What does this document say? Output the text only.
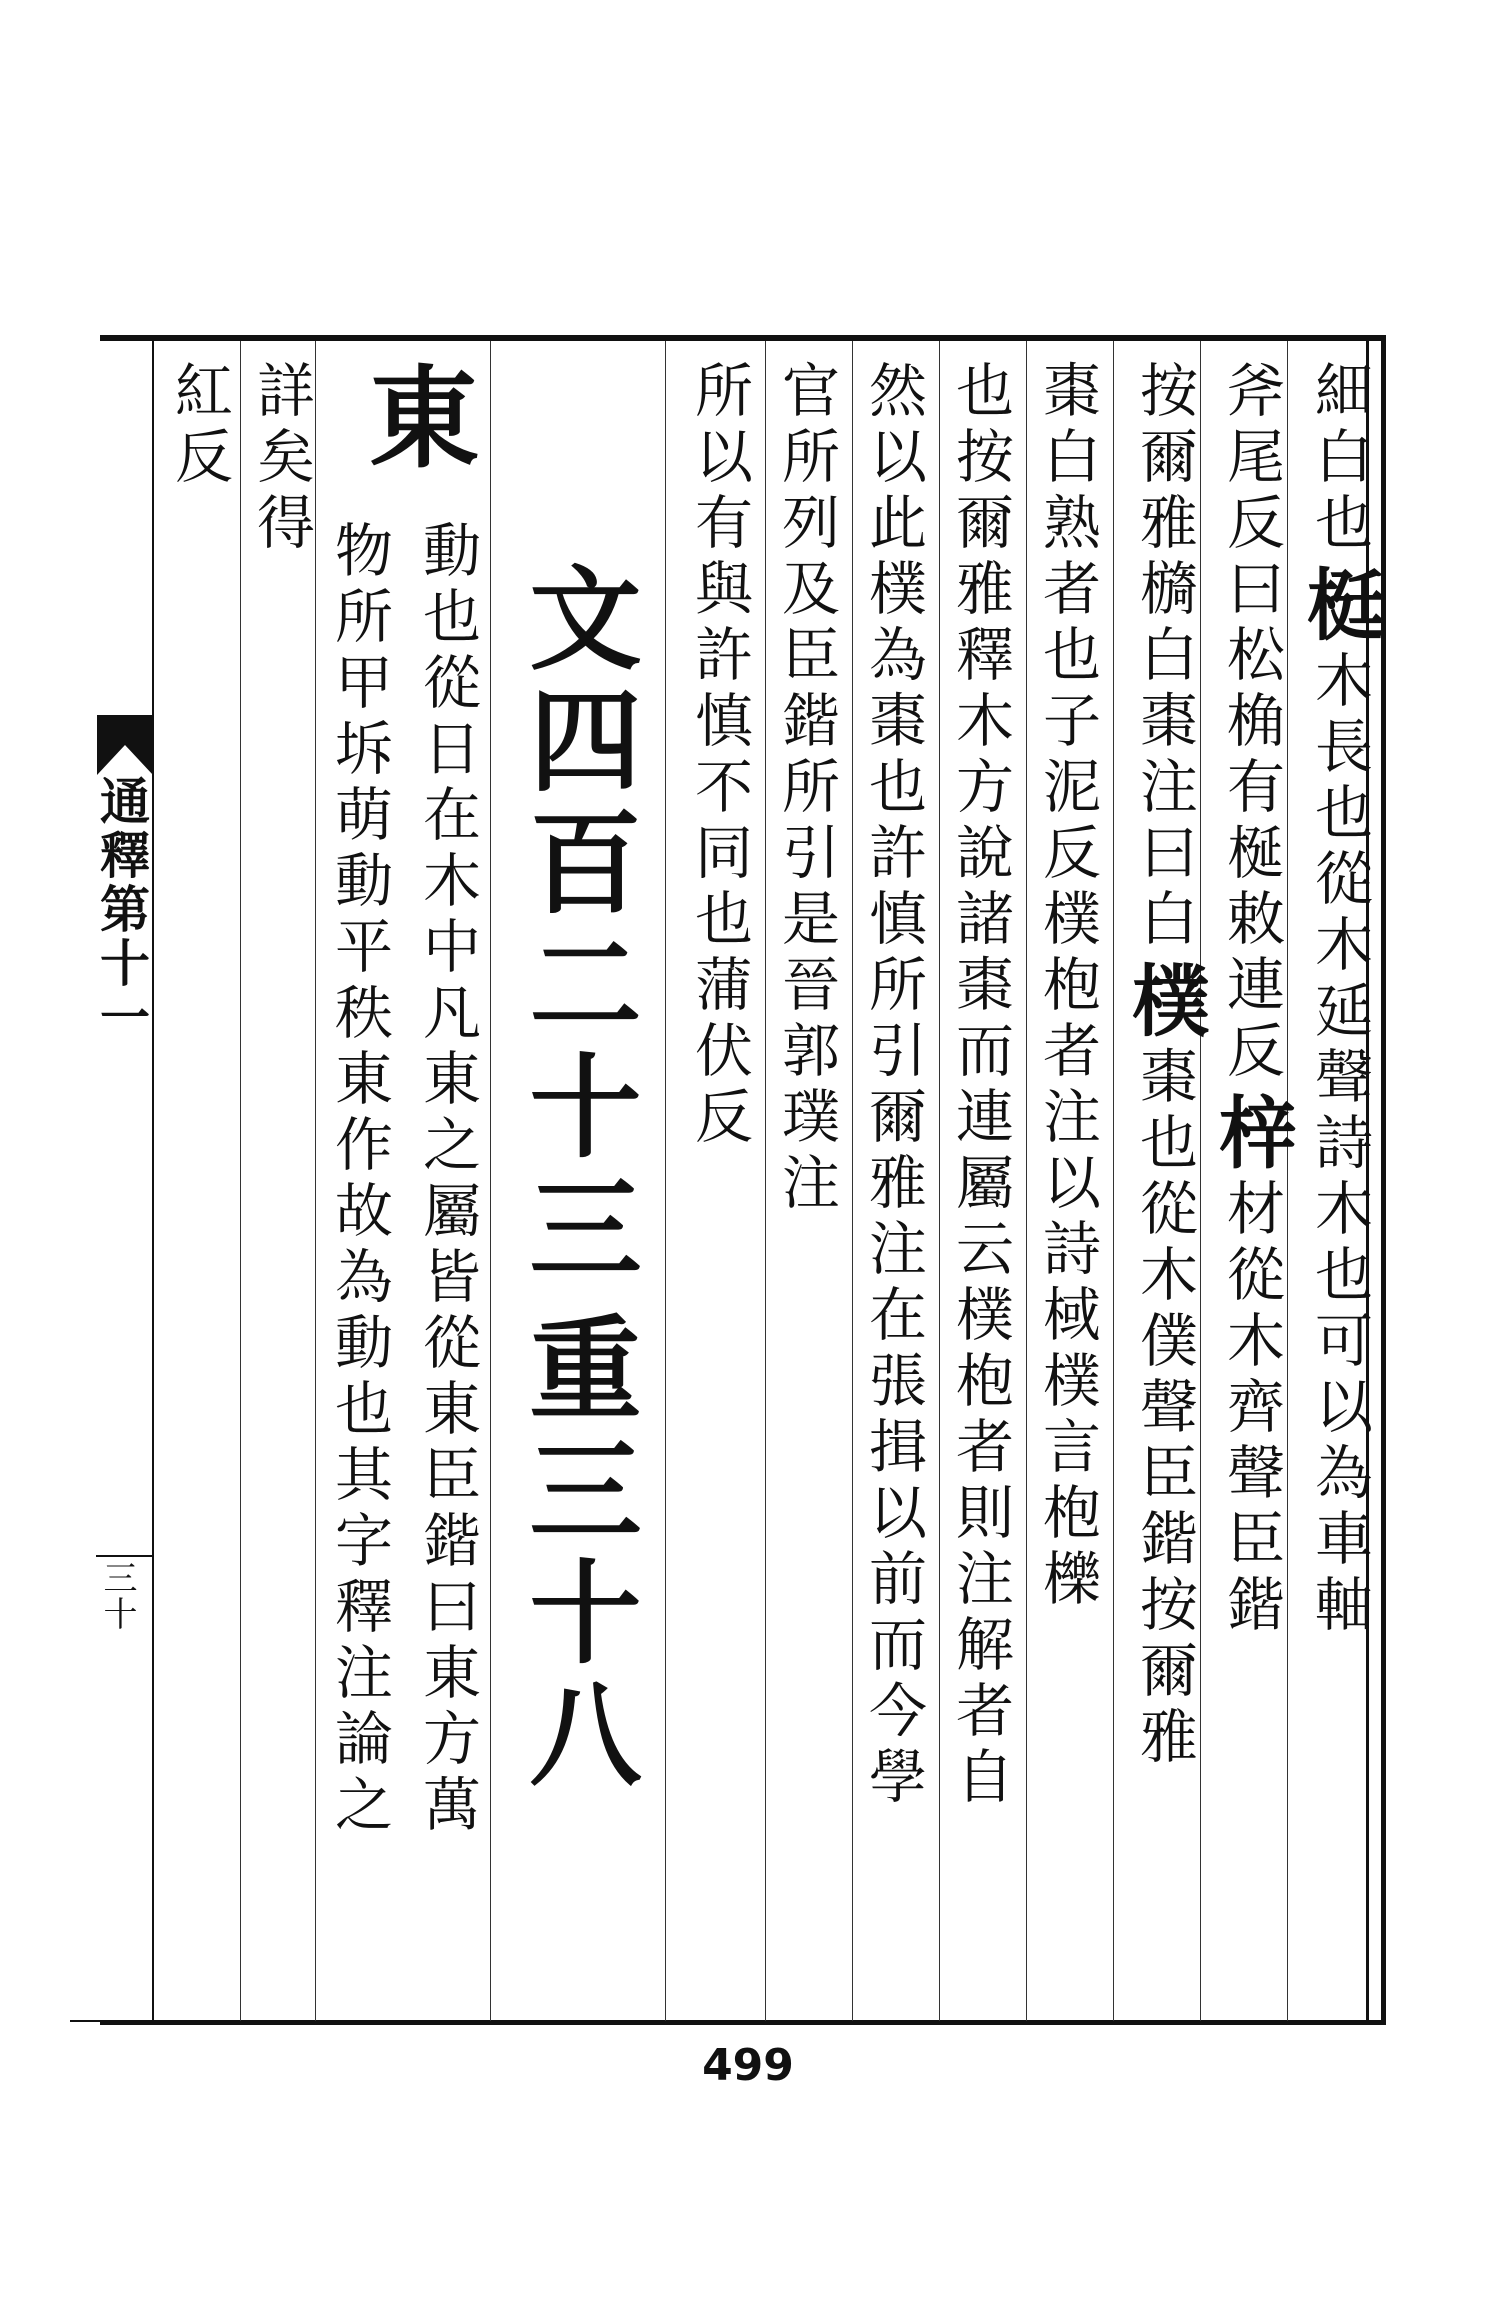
通釋第十一
三十
細白也梃木長也從木延聲詩木也可以為車軸
斧尾反曰松桷有梴敕連反梓材從木齊聲臣鍇
按爾雅檹白棗注曰白樸棗也從木僕聲臣鍇按爾雅
棗白熟者也子泥反樸枹者注以詩棫樸言枹櫟
也按爾雅釋木方說諸棗而連屬云樸枹者則注解者自
然以此樸為棗也許慎所引爾雅注在張揖以前而今學
官所列及臣鍇所引是晉郭璞注
所以有與許慎不同也蒲伏反
文四百二十三
重三十八
東
動也從日在木中凡東之屬皆從東臣鍇曰東方萬
物所甲坼萌動平秩東作故為動也其字釋注論之
詳矣得
紅反
499
